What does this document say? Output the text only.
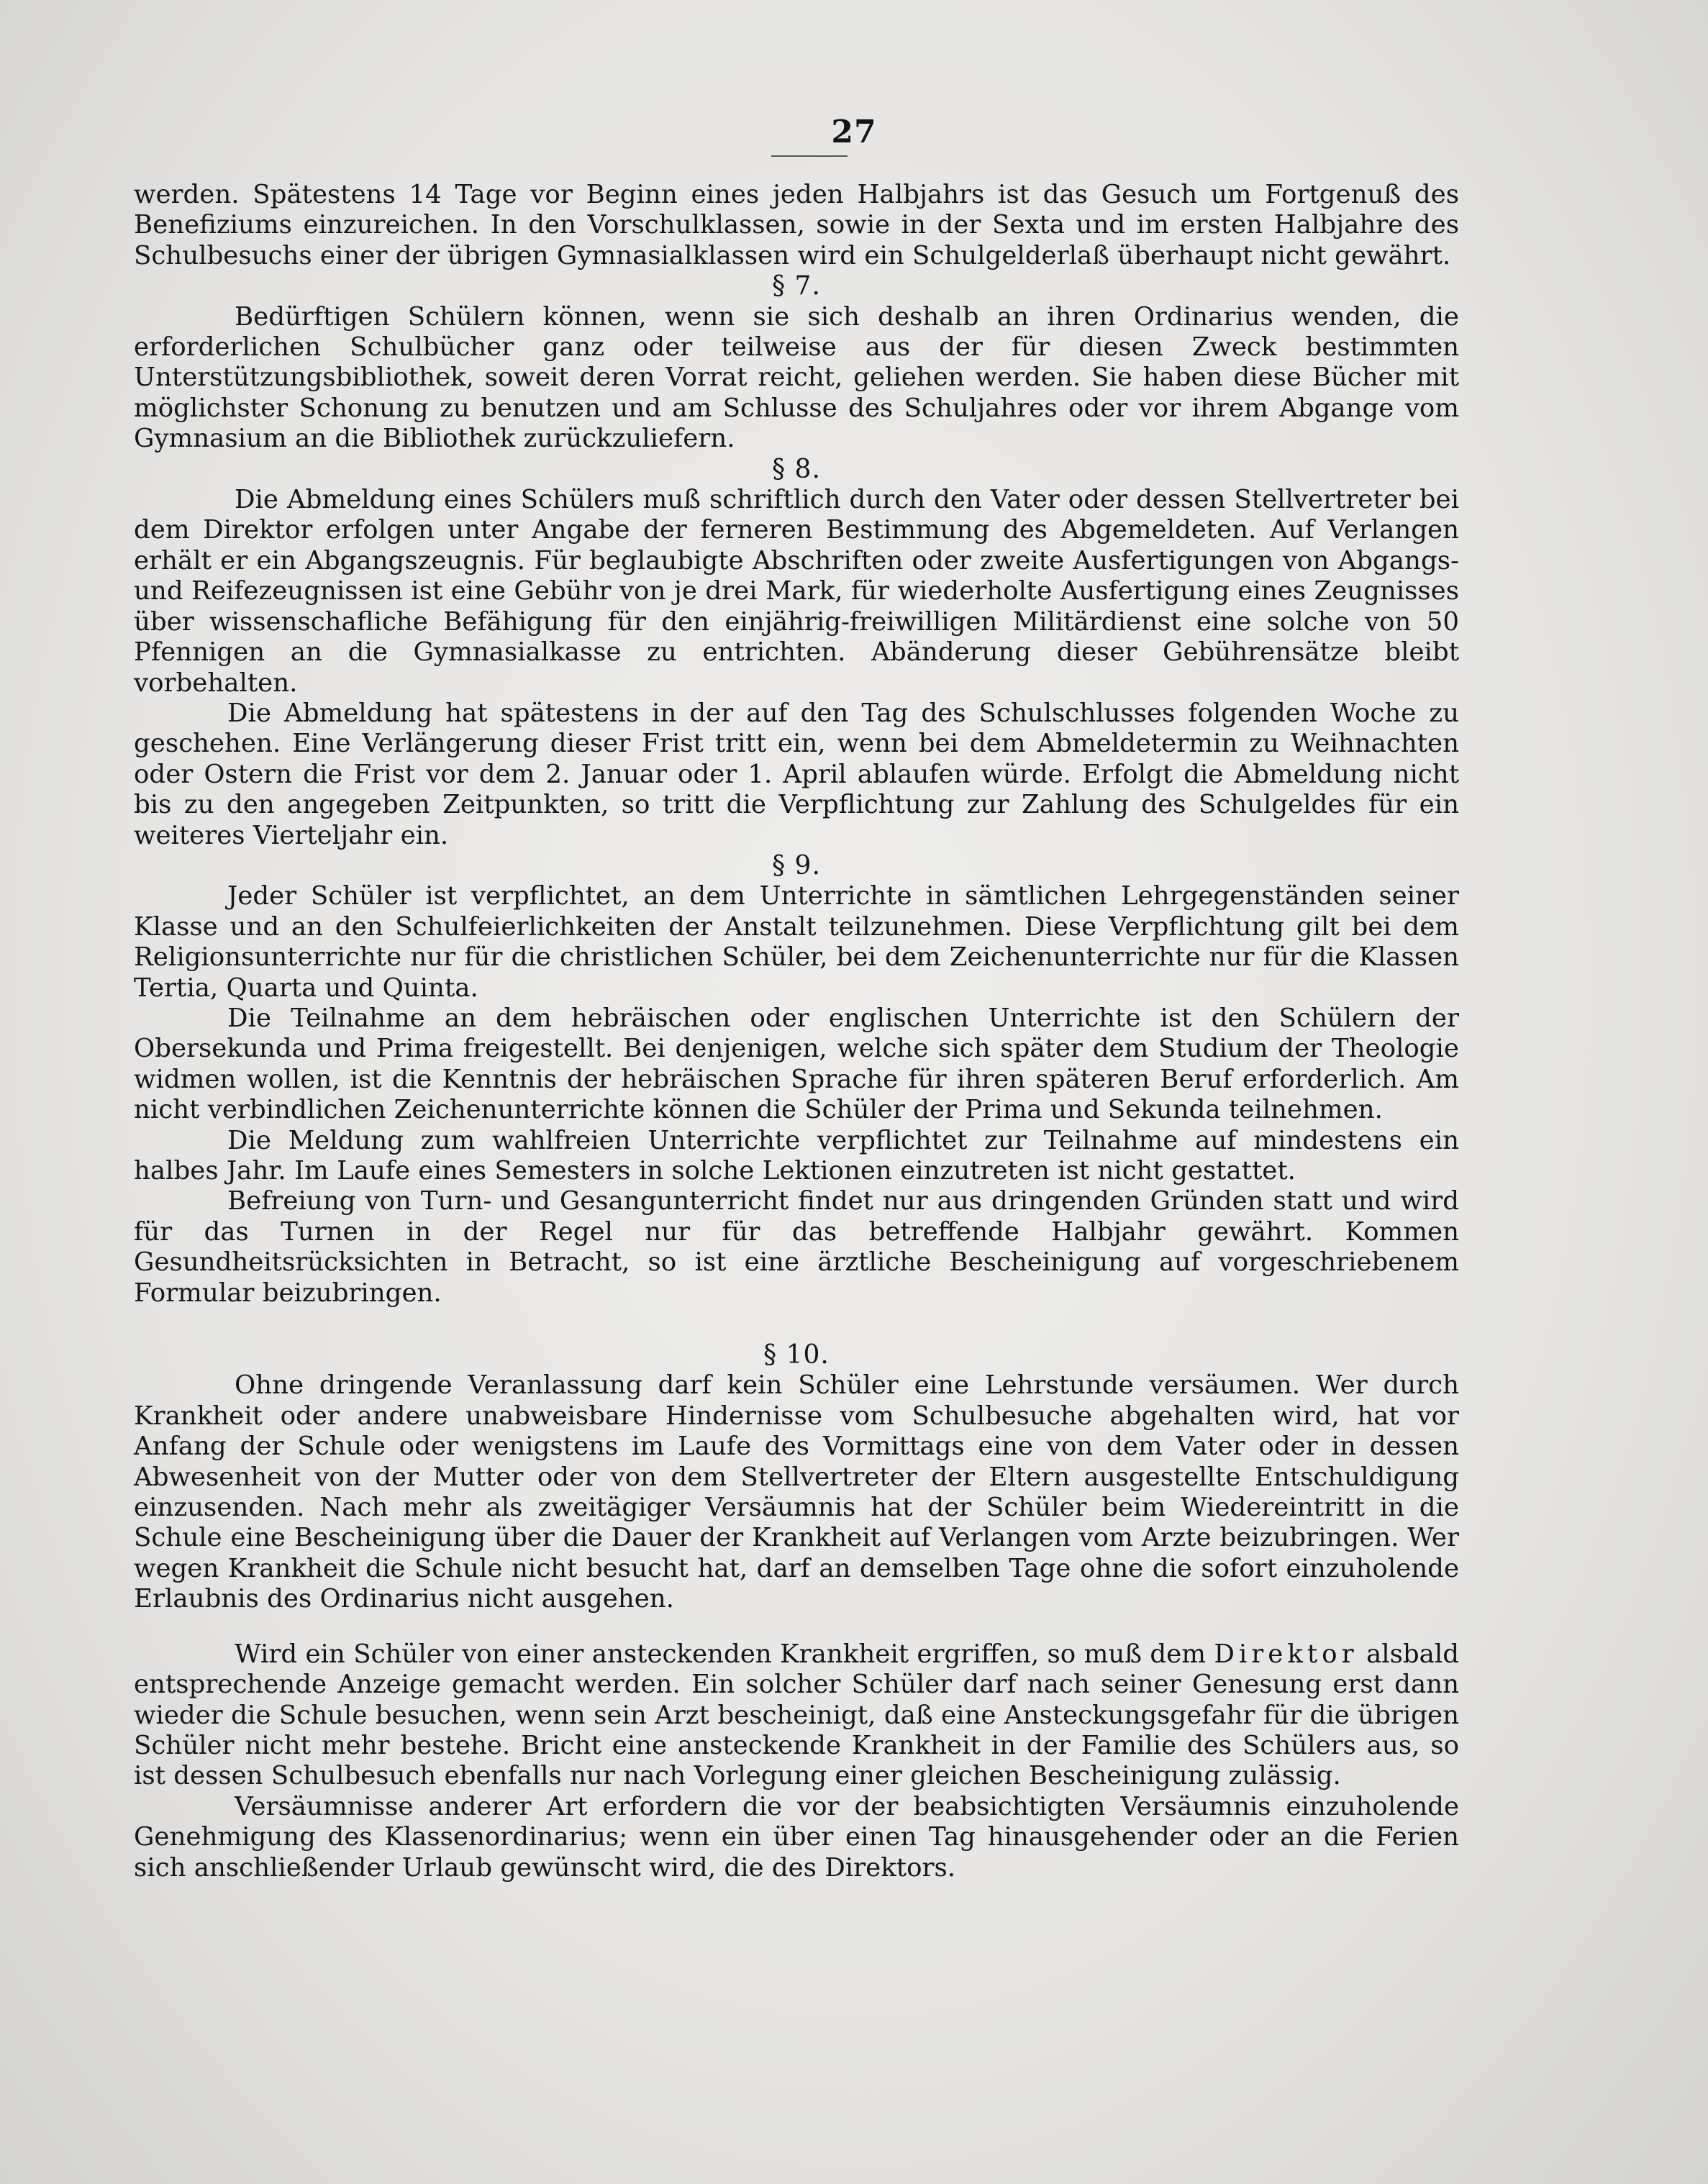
27

werden. Spätestens 14 Tage vor Beginn eines jeden Halbjahrs ist das Gesuch um Fortgenuß des Benefiziums einzureichen. In den Vorschulklassen, sowie in der Sexta und im ersten Halbjahre des Schulbesuchs einer der übrigen Gymnasialklassen wird ein Schulgelderlaß überhaupt nicht gewährt.

§ 7.

Bedürftigen Schülern können, wenn sie sich deshalb an ihren Ordinarius wenden, die erforderlichen Schulbücher ganz oder teilweise aus der für diesen Zweck bestimmten Unterstützungsbibliothek, soweit deren Vorrat reicht, geliehen werden. Sie haben diese Bücher mit möglichster Schonung zu benutzen und am Schlusse des Schuljahres oder vor ihrem Abgange vom Gymnasium an die Bibliothek zurückzuliefern.

§ 8.

Die Abmeldung eines Schülers muß schriftlich durch den Vater oder dessen Stellvertreter bei dem Direktor erfolgen unter Angabe der ferneren Bestimmung des Abgemeldeten. Auf Verlangen erhält er ein Abgangszeugnis. Für beglaubigte Abschriften oder zweite Ausfertigungen von Abgangs- und Reifezeugnissen ist eine Gebühr von je drei Mark, für wiederholte Ausfertigung eines Zeugnisses über wissenschafliche Befähigung für den einjährig-freiwilligen Militärdienst eine solche von 50 Pfennigen an die Gymnasialkasse zu entrichten. Abänderung dieser Gebührensätze bleibt vorbehalten.

Die Abmeldung hat spätestens in der auf den Tag des Schulschlusses folgenden Woche zu geschehen. Eine Verlängerung dieser Frist tritt ein, wenn bei dem Abmeldetermin zu Weihnachten oder Ostern die Frist vor dem 2. Januar oder 1. April ablaufen würde. Erfolgt die Abmeldung nicht bis zu den angegeben Zeitpunkten, so tritt die Verpflichtung zur Zahlung des Schulgeldes für ein weiteres Vierteljahr ein.

§ 9.

Jeder Schüler ist verpflichtet, an dem Unterrichte in sämtlichen Lehrgegenständen seiner Klasse und an den Schulfeierlichkeiten der Anstalt teilzunehmen. Diese Verpflichtung gilt bei dem Religionsunterrichte nur für die christlichen Schüler, bei dem Zeichenunterrichte nur für die Klassen Tertia, Quarta und Quinta.

Die Teilnahme an dem hebräischen oder englischen Unterrichte ist den Schülern der Obersekunda und Prima freigestellt. Bei denjenigen, welche sich später dem Studium der Theologie widmen wollen, ist die Kenntnis der hebräischen Sprache für ihren späteren Beruf erforderlich. Am nicht verbindlichen Zeichenunterrichte können die Schüler der Prima und Sekunda teilnehmen.

Die Meldung zum wahlfreien Unterrichte verpflichtet zur Teilnahme auf mindestens ein halbes Jahr. Im Laufe eines Semesters in solche Lektionen einzutreten ist nicht gestattet.

Befreiung von Turn- und Gesangunterricht findet nur aus dringenden Gründen statt und wird für das Turnen in der Regel nur für das betreffende Halbjahr gewährt. Kommen Gesundheitsrücksichten in Betracht, so ist eine ärztliche Bescheinigung auf vorgeschriebenem Formular beizubringen.

§ 10.

Ohne dringende Veranlassung darf kein Schüler eine Lehrstunde versäumen. Wer durch Krankheit oder andere unabweisbare Hindernisse vom Schulbesuche abgehalten wird, hat vor Anfang der Schule oder wenigstens im Laufe des Vormittags eine von dem Vater oder in dessen Abwesenheit von der Mutter oder von dem Stellvertreter der Eltern ausgestellte Entschuldigung einzusenden. Nach mehr als zweitägiger Versäumnis hat der Schüler beim Wiedereintritt in die Schule eine Bescheinigung über die Dauer der Krankheit auf Verlangen vom Arzte beizubringen. Wer wegen Krankheit die Schule nicht besucht hat, darf an demselben Tage ohne die sofort einzuholende Erlaubnis des Ordinarius nicht ausgehen.

Wird ein Schüler von einer ansteckenden Krankheit ergriffen, so muß dem Direktor alsbald entsprechende Anzeige gemacht werden. Ein solcher Schüler darf nach seiner Genesung erst dann wieder die Schule besuchen, wenn sein Arzt bescheinigt, daß eine Ansteckungsgefahr für die übrigen Schüler nicht mehr bestehe. Bricht eine ansteckende Krankheit in der Familie des Schülers aus, so ist dessen Schulbesuch ebenfalls nur nach Vorlegung einer gleichen Bescheinigung zulässig.

Versäumnisse anderer Art erfordern die vor der beabsichtigten Versäumnis einzuholende Genehmigung des Klassenordinarius; wenn ein über einen Tag hinausgehender oder an die Ferien sich anschließender Urlaub gewünscht wird, die des Direktors.
